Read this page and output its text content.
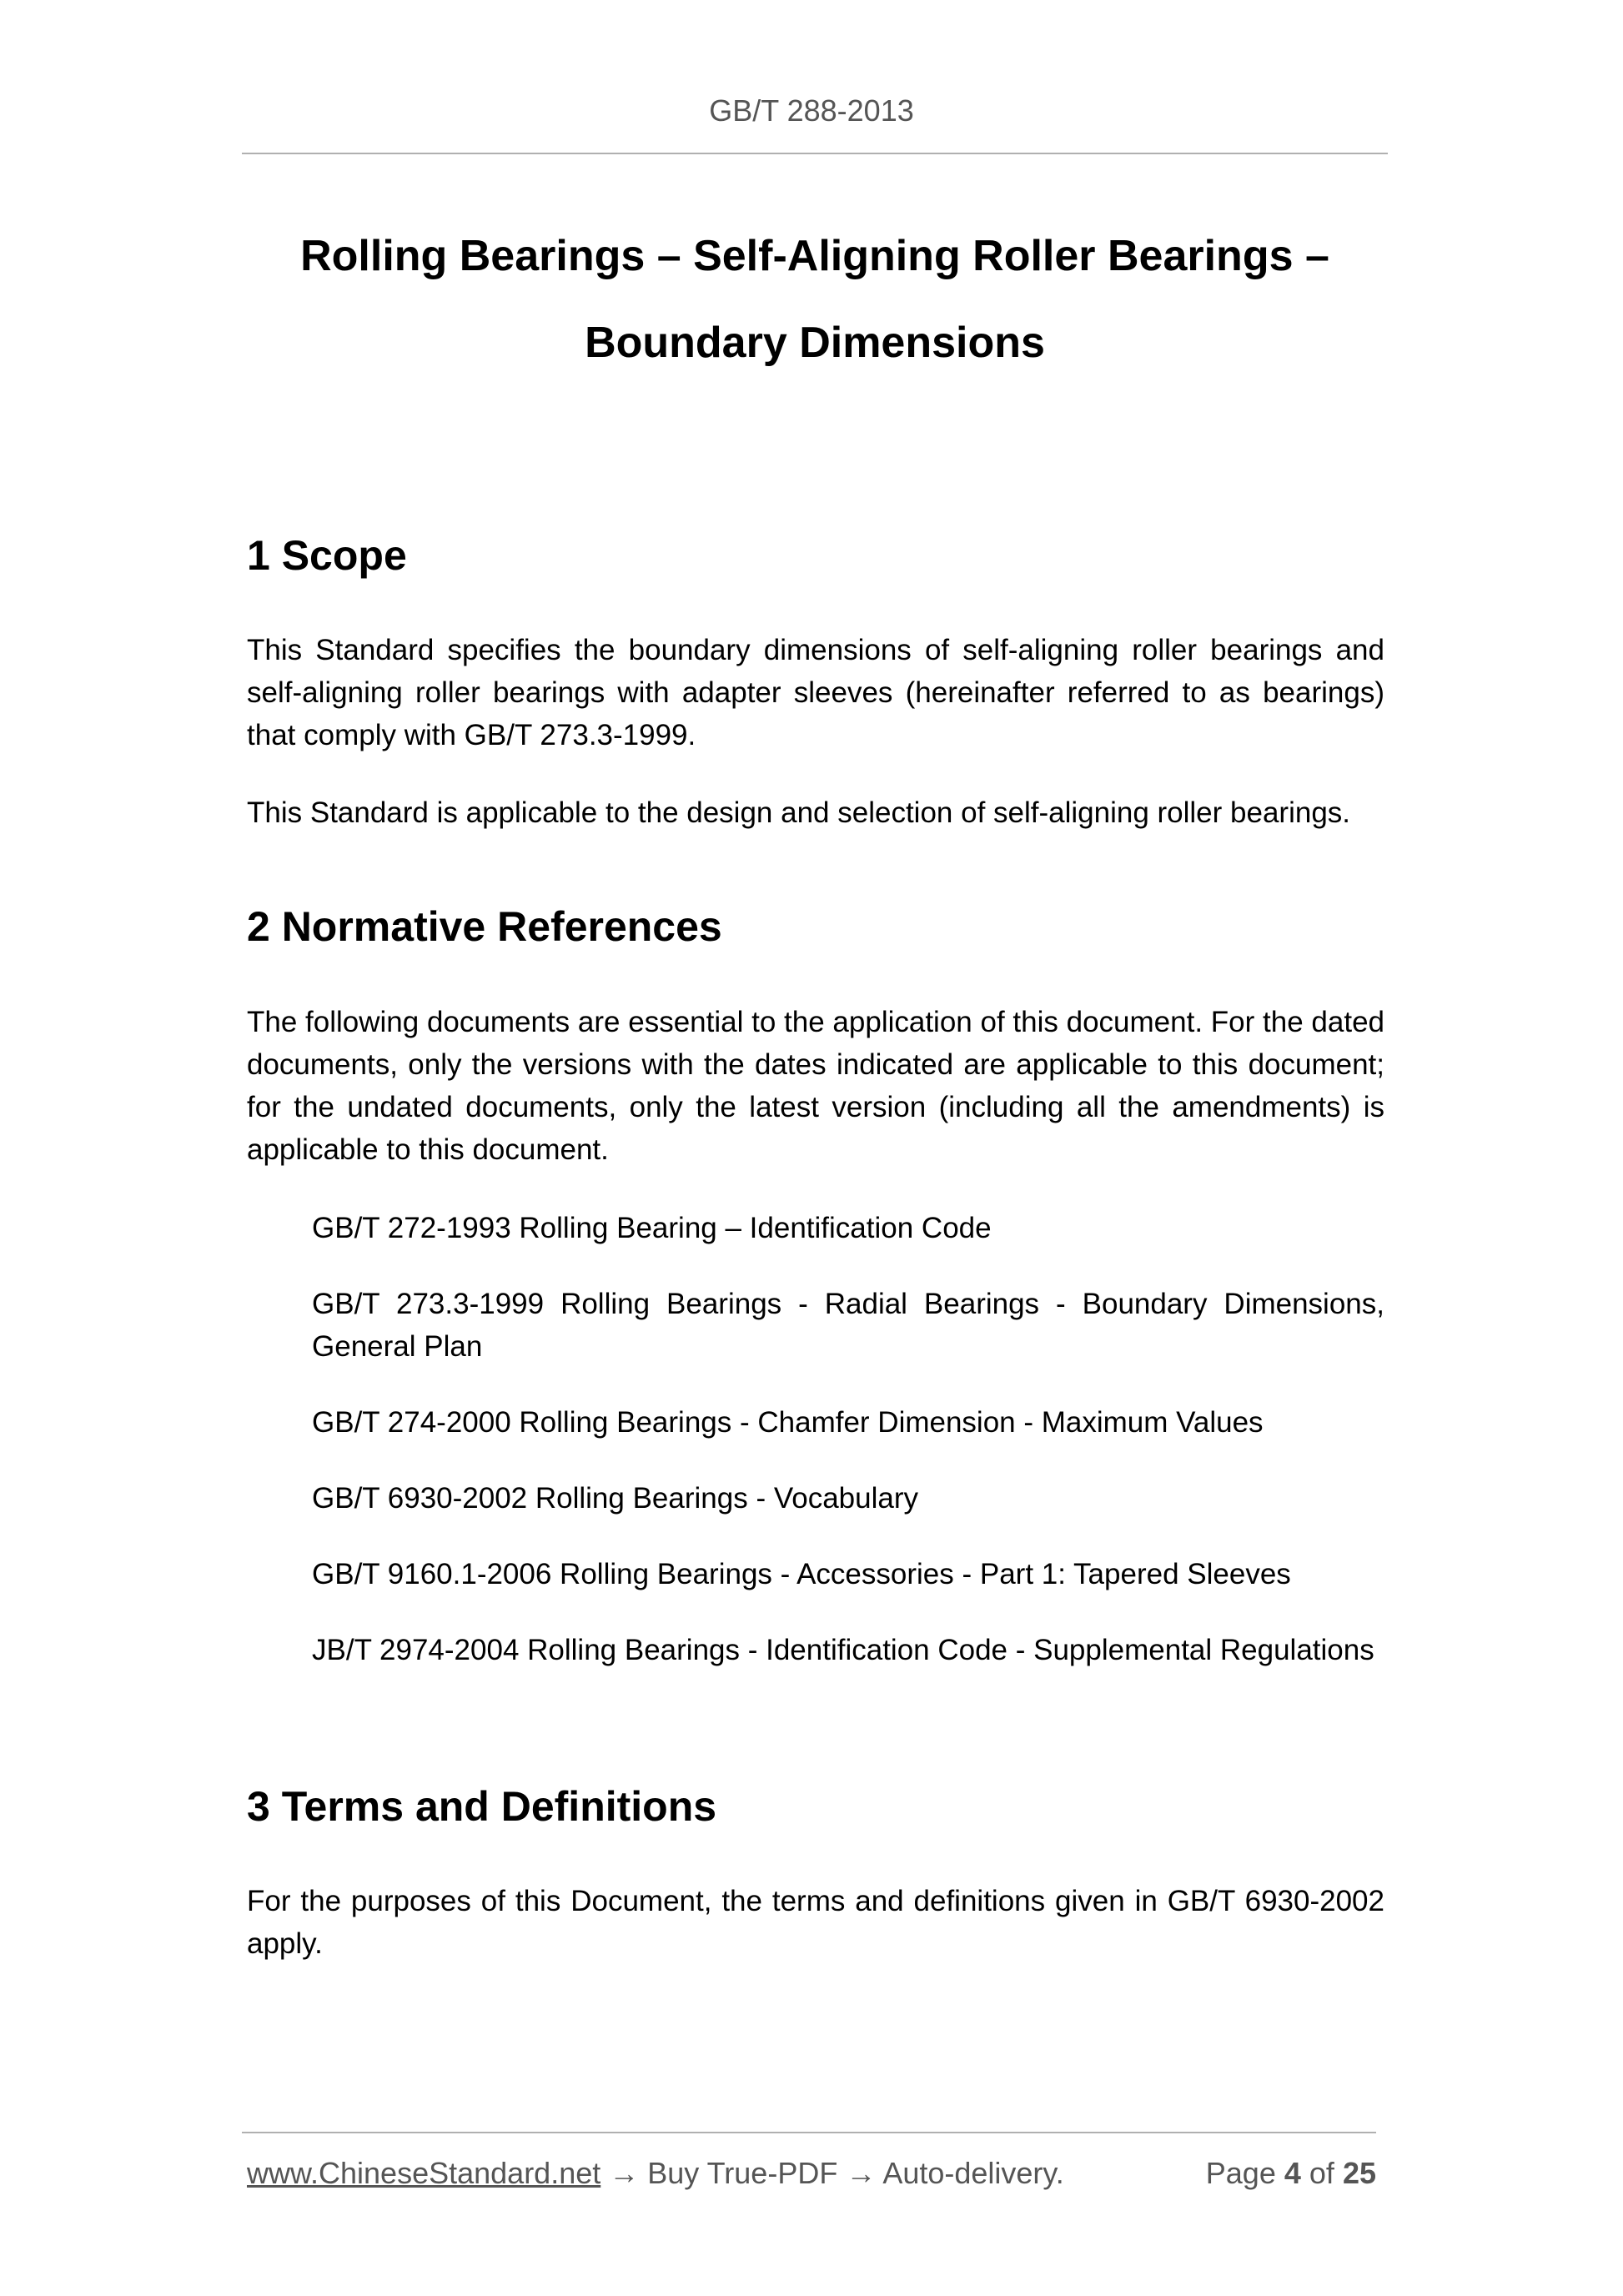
GB/T 288-2013
Rolling Bearings – Self-Aligning Roller Bearings –
Boundary Dimensions
1 Scope

This Standard specifies the boundary dimensions of self-aligning roller bearings and self-aligning roller bearings with adapter sleeves (hereinafter referred to as bearings) that comply with GB/T 273.3-1999.

This Standard is applicable to the design and selection of self-aligning roller bearings.

2 Normative References

The following documents are essential to the application of this document. For the dated documents, only the versions with the dates indicated are applicable to this document; for the undated documents, only the latest version (including all the amendments) is applicable to this document.

GB/T 272-1993 Rolling Bearing – Identification Code
GB/T 273.3-1999 Rolling Bearings - Radial Bearings - Boundary Dimensions, General Plan
GB/T 274-2000 Rolling Bearings - Chamfer Dimension - Maximum Values
GB/T 6930-2002 Rolling Bearings - Vocabulary
GB/T 9160.1-2006 Rolling Bearings - Accessories - Part 1: Tapered Sleeves
JB/T 2974-2004 Rolling Bearings - Identification Code - Supplemental Regulations
3 Terms and Definitions

For the purposes of this Document, the terms and definitions given in GB/T 6930-2002 apply.

www.ChineseStandard.net → Buy True-PDF → Auto-delivery.	Page 4 of 25
